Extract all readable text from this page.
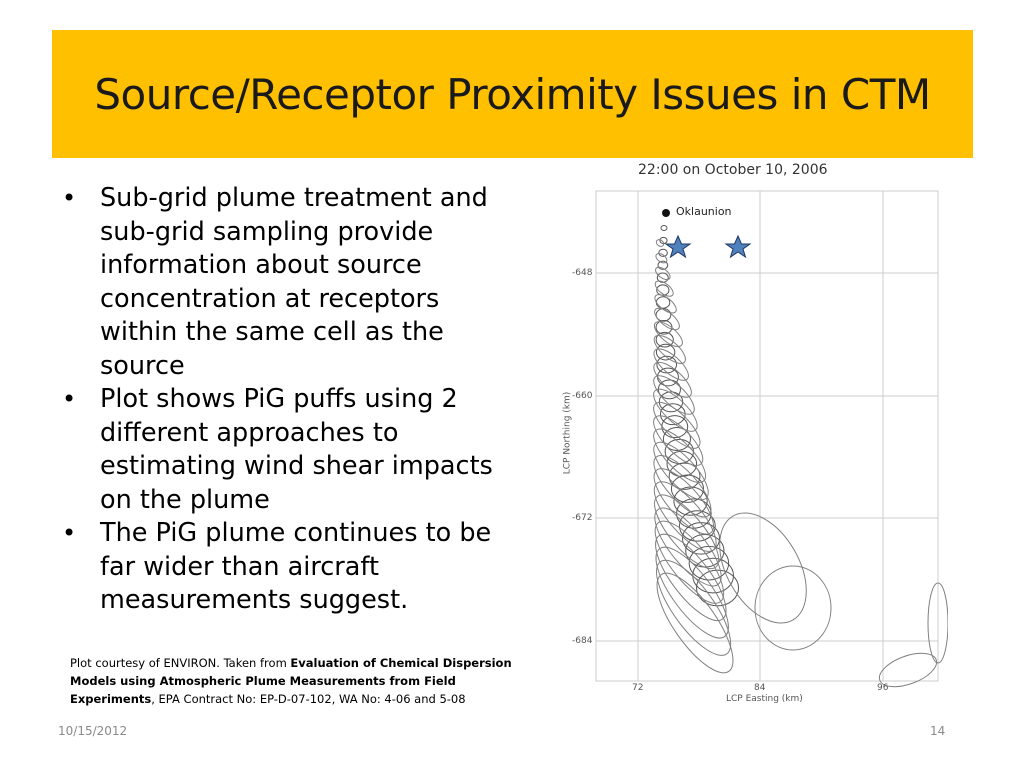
Source/Receptor Proximity Issues in CTM
• Sub-grid plume treatment and sub-grid sampling provide information about source concentration at receptors within the same cell as the source
• Plot shows PiG puffs using 2 different approaches to estimating wind shear impacts on the plume
• The PiG plume continues to be far wider than aircraft measurements suggest.
Plot courtesy of ENVIRON. Taken from Evaluation of Chemical Dispersion Models using Atmospheric Plume Measurements from Field Experiments, EPA Contract No: EP-D-07-102, WA No: 4-06 and 5-08
22:00 on October 10, 2006
Oklaunion
-648
-660
-672
-684
72	84	96
LCP Easting (km)
LCP Northing (km)
10/15/2012	14
